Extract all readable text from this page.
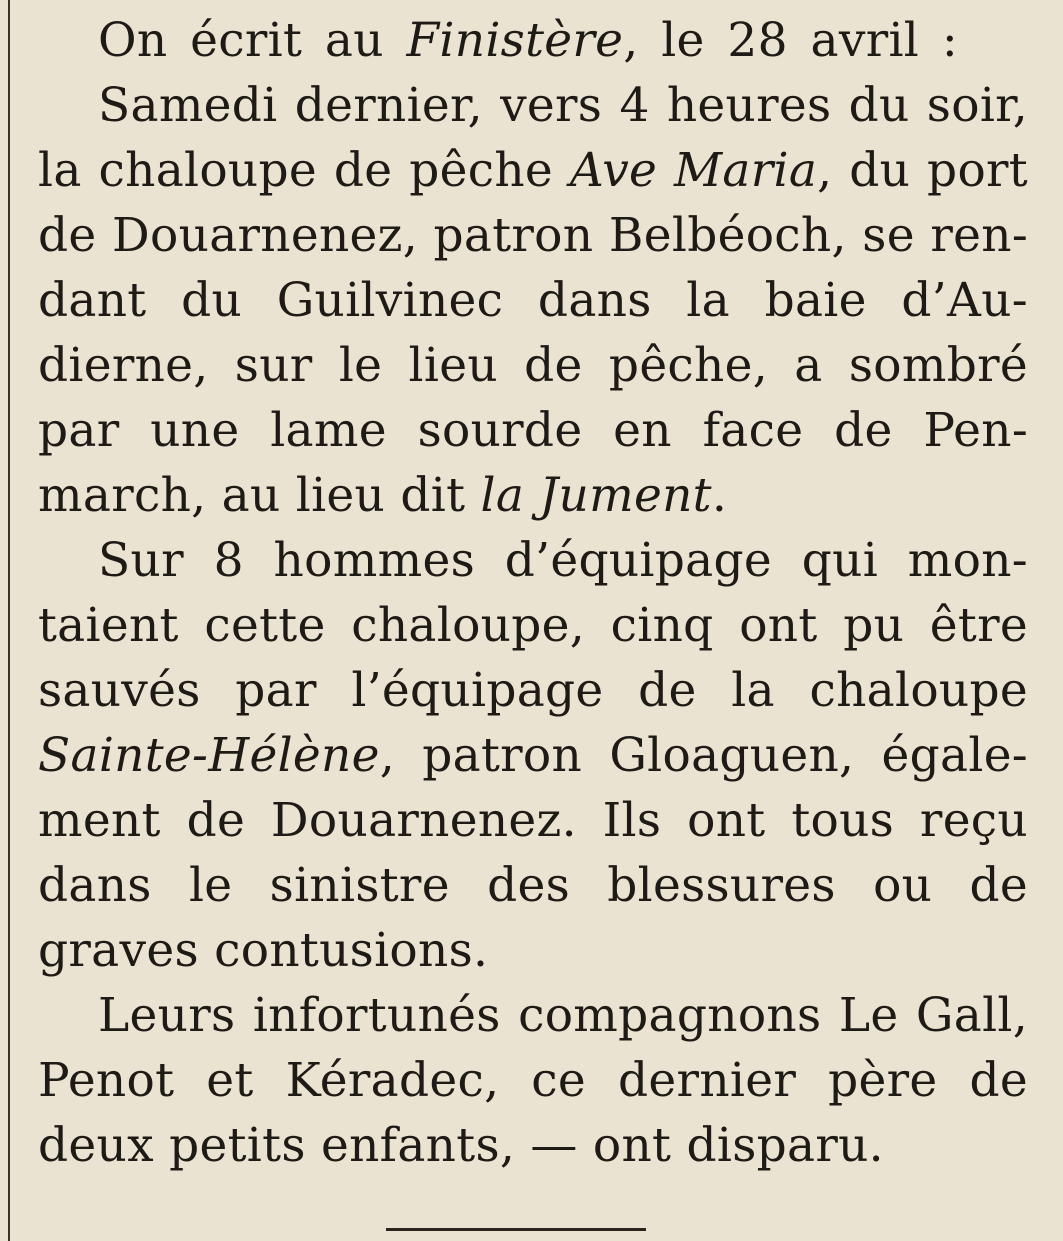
On écrit au Finistère, le 28 avril :
Samedi dernier, vers 4 heures du soir,
la chaloupe de pêche Ave Maria, du port
de Douarnenez, patron Belbéoch, se ren-
dant du Guilvinec dans la baie d’Au-
dierne, sur le lieu de pêche, a sombré
par une lame sourde en face de Pen-
march, au lieu dit la Jument.
Sur 8 hommes d’équipage qui mon-
taient cette chaloupe, cinq ont pu être
sauvés par l’équipage de la chaloupe
Sainte-Hélène, patron Gloaguen, égale-
ment de Douarnenez. Ils ont tous reçu
dans le sinistre des blessures ou de
graves contusions.
Leurs infortunés compagnons Le Gall,
Penot et Kéradec, ce dernier père de
deux petits enfants, — ont disparu.
